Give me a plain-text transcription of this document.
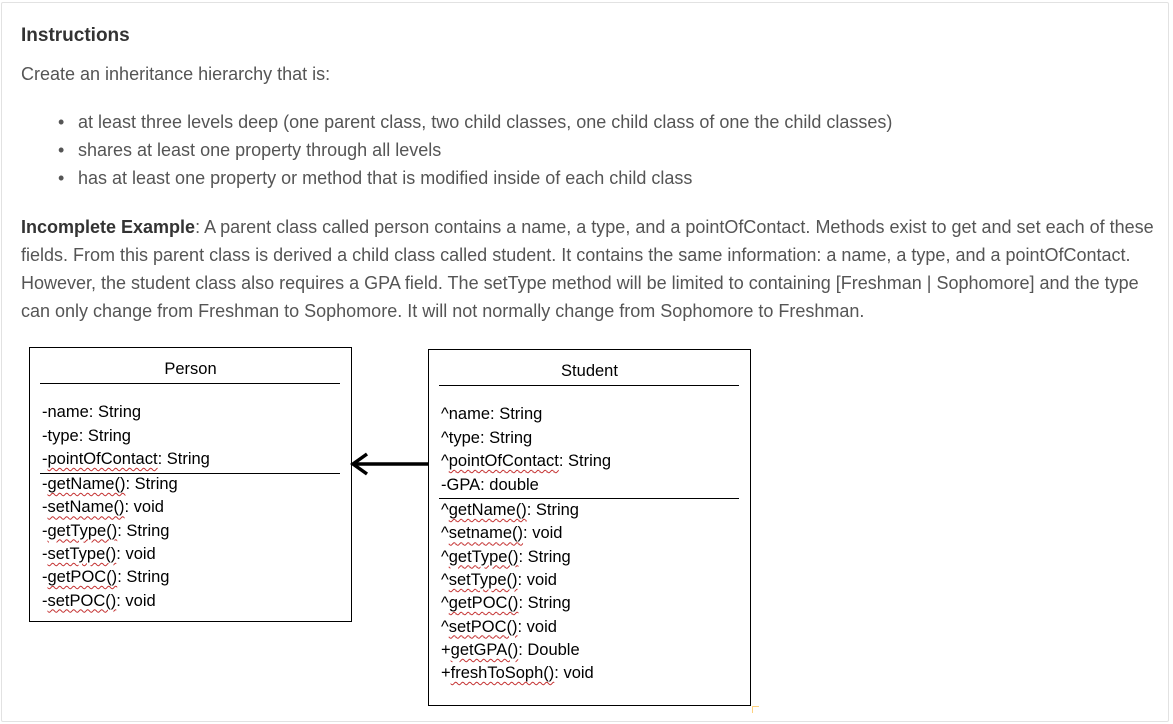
Instructions

Create an inheritance hierarchy that is:

• at least three levels deep (one parent class, two child classes, one child class of one the child classes)
• shares at least one property through all levels
• has at least one property or method that is modified inside of each child class

Incomplete Example: A parent class called person contains a name, a type, and a pointOfContact. Methods exist to get and set each of these fields. From this parent class is derived a child class called student. It contains the same information: a name, a type, and a pointOfContact. However, the student class also requires a GPA field. The setType method will be limited to containing [Freshman | Sophomore] and the type can only change from Freshman to Sophomore. It will not normally change from Sophomore to Freshman.

Person
-name: String
-type: String
-pointOfContact: String
-getName(): String
-setName(): void
-getType(): String
-setType(): void
-getPOC(): String
-setPOC(): void
Student
^name: String
^type: String
^pointOfContact: String
-GPA: double
^getName(): String
^setname(): void
^getType(): String
^setType(): void
^getPOC(): String
^setPOC(): void
+getGPA(): Double
+freshToSoph(): void
